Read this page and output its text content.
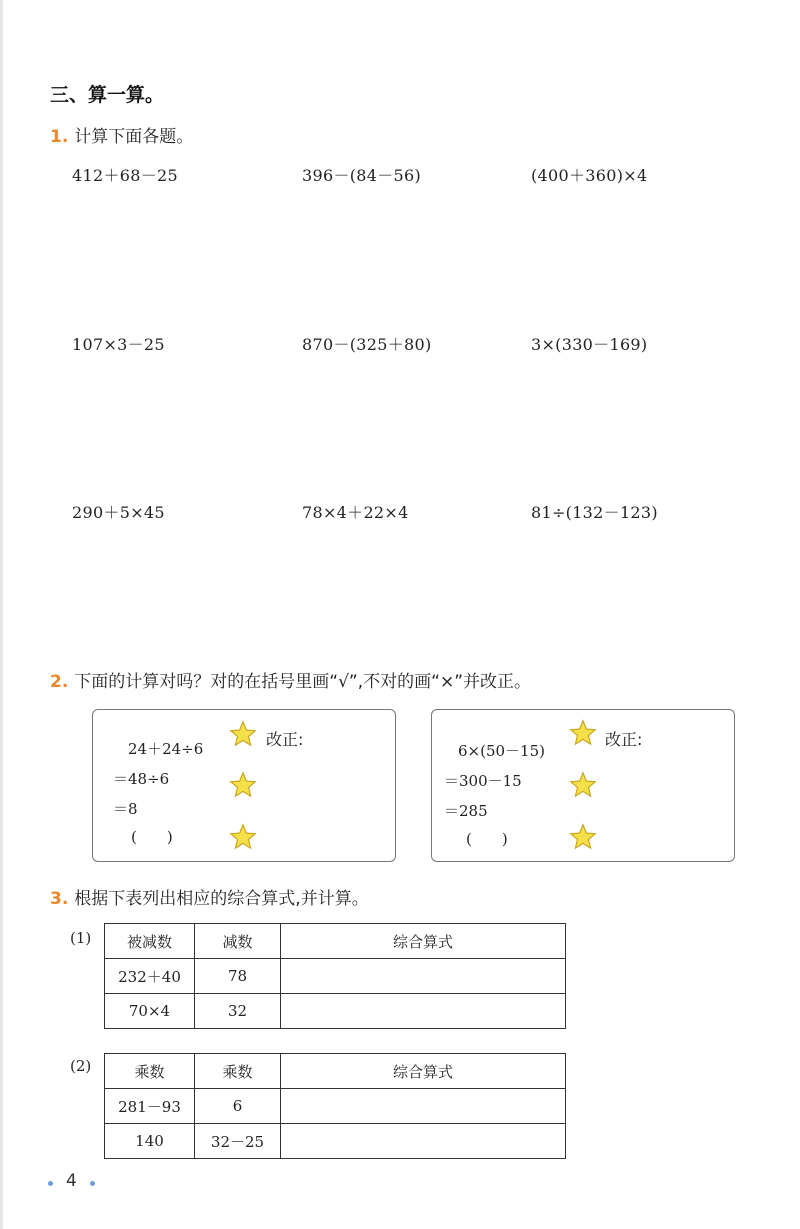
三、算一算。
1. 计算下面各题。
412＋68－25	396－(84－56)	(400＋360)×4
107×3－25	870－(325＋80)	3×(330－169)
290＋5×45	78×4＋22×4	81÷(132－123)
2. 下面的计算对吗？对的在括号里画“√”,不对的画“×”并改正。
24＋24÷6
＝48÷6
＝8
(　　)
改正:
6×(50－15)
＝300－15
＝285
(　　)
改正:
3. 根据下表列出相应的综合算式,并计算。
(1) 被减数	减数	综合算式
232＋40	78	
70×4	32	
(2)	乘数	乘数	综合算式
281－93	6	
140	32－25	
4
